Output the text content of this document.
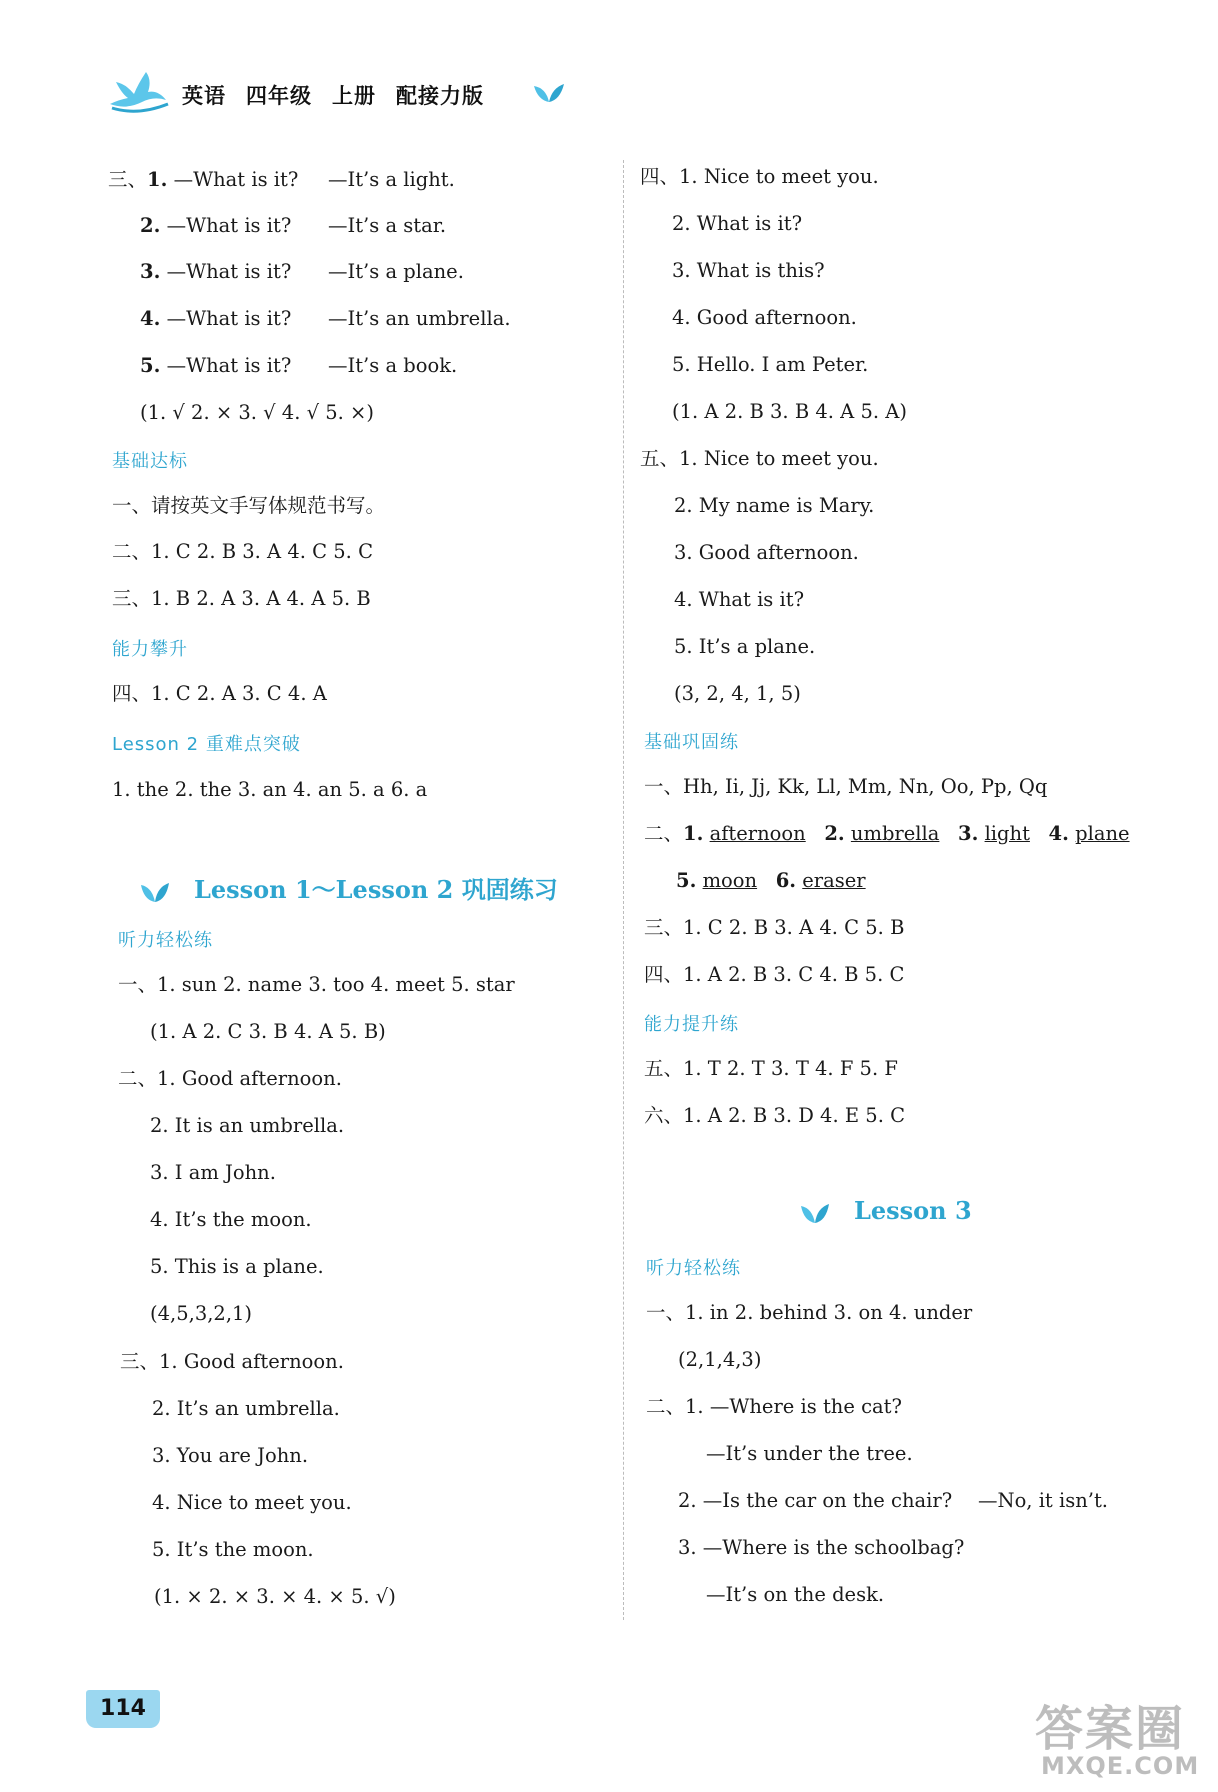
英语 四年级 上册 配接力版
三、1. —What is it? —It’s a light.
2. —What is it? —It’s a star.
3. —What is it? —It’s a plane.
4. —What is it? —It’s an umbrella.
5. —What is it? —It’s a book.
(1. √ 2. × 3. √ 4. √ 5. ×)
基础达标
一、请按英文手写体规范书写。
二、1. C 2. B 3. A 4. C 5. C
三、1. B 2. A 3. A 4. A 5. B
能力攀升
四、1. C 2. A 3. C 4. A
Lesson 2 重难点突破
1. the 2. the 3. an 4. an 5. a 6. a
Lesson 1～Lesson 2 巩固练习
听力轻松练
一、1. sun 2. name 3. too 4. meet 5. star
(1. A 2. C 3. B 4. A 5. B)
二、1. Good afternoon.
2. It is an umbrella.
3. I am John.
4. It’s the moon.
5. This is a plane.
(4,5,3,2,1)
三、1. Good afternoon.
2. It’s an umbrella.
3. You are John.
4. Nice to meet you.
5. It’s the moon.
(1. × 2. × 3. × 4. × 5. √)
四、1. Nice to meet you.
2. What is it?
3. What is this?
4. Good afternoon.
5. Hello. I am Peter.
(1. A 2. B 3. B 4. A 5. A)
五、1. Nice to meet you.
2. My name is Mary.
3. Good afternoon.
4. What is it?
5. It’s a plane.
(3, 2, 4, 1, 5)
基础巩固练
一、Hh, Ii, Jj, Kk, Ll, Mm, Nn, Oo, Pp, Qq
二、1. afternoon 2. umbrella 3. light 4. plane
5. moon 6. eraser
三、1. C 2. B 3. A 4. C 5. B
四、1. A 2. B 3. C 4. B 5. C
能力提升练
五、1. T 2. T 3. T 4. F 5. F
六、1. A 2. B 3. D 4. E 5. C
Lesson 3
听力轻松练
一、1. in 2. behind 3. on 4. under
(2,1,4,3)
二、1. —Where is the cat?
—It’s under the tree.
2. —Is the car on the chair? —No, it isn’t.
3. —Where is the schoolbag?
—It’s on the desk.
114	答案圈
MXQE.COM
